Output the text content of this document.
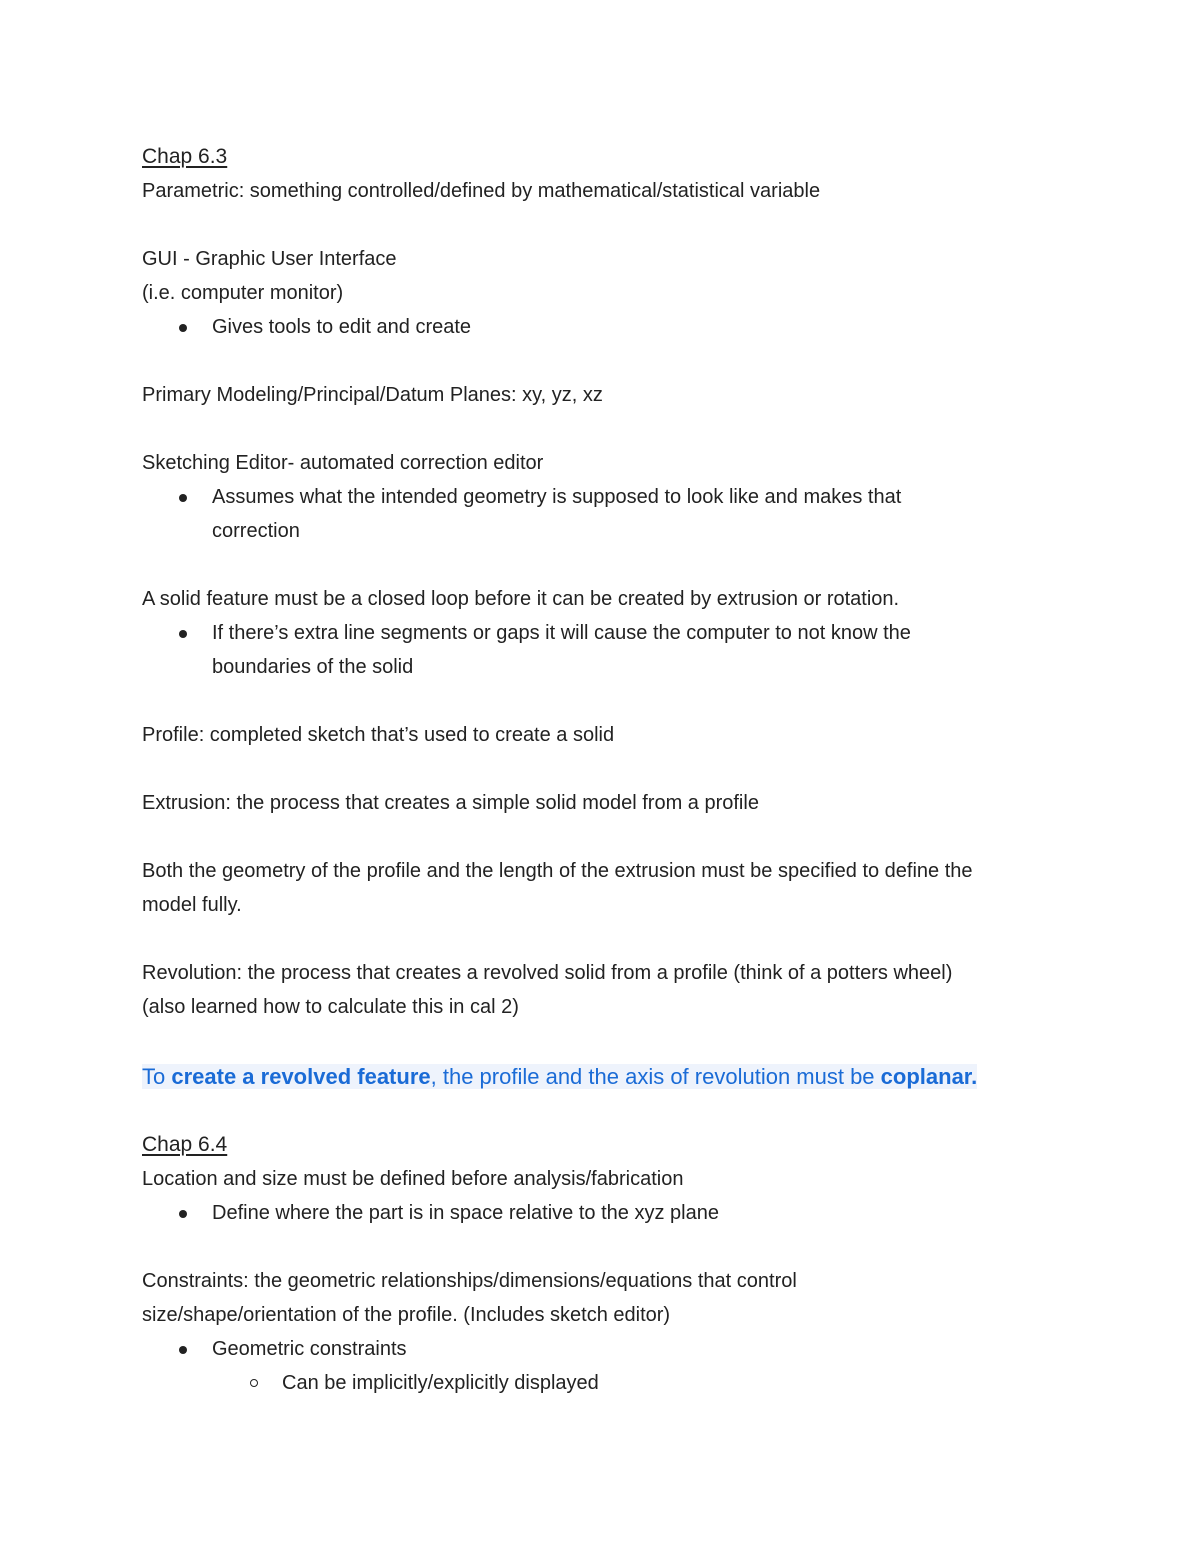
Chap 6.3
Parametric: something controlled/defined by mathematical/statistical variable
GUI - Graphic User Interface
(i.e. computer monitor)
Gives tools to edit and create
Primary Modeling/Principal/Datum Planes: xy, yz, xz
Sketching Editor- automated correction editor
Assumes what the intended geometry is supposed to look like and makes that
correction
A solid feature must be a closed loop before it can be created by extrusion or rotation.
If there’s extra line segments or gaps it will cause the computer to not know the
boundaries of the solid
Profile: completed sketch that’s used to create a solid
Extrusion: the process that creates a simple solid model from a profile
Both the geometry of the profile and the length of the extrusion must be specified to define the
model fully.
Revolution: the process that creates a revolved solid from a profile (think of a potters wheel)
(also learned how to calculate this in cal 2)
To create a revolved feature, the profile and the axis of revolution must be coplanar.
Chap 6.4
Location and size must be defined before analysis/fabrication
Define where the part is in space relative to the xyz plane
Constraints: the geometric relationships/dimensions/equations that control
size/shape/orientation of the profile. (Includes sketch editor)
Geometric constraints
Can be implicitly/explicitly displayed
